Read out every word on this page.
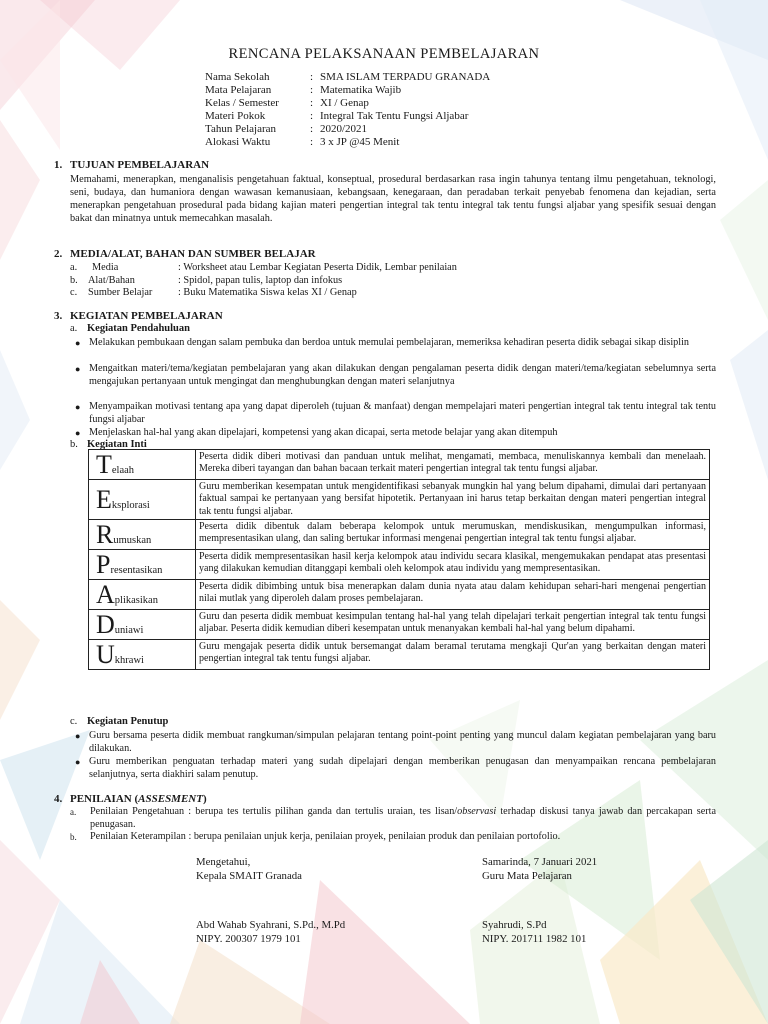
RENCANA PELAKSANAAN PEMBELAJARAN
Nama Sekolah	: SMA ISLAM TERPADU GRANADA
Mata Pelajaran	: Matematika Wajib
Kelas / Semester	: XI / Genap
Materi Pokok	: Integral Tak Tentu Fungsi Aljabar
Tahun Pelajaran	: 2020/2021
Alokasi Waktu	: 3 x JP @45 Menit
1. TUJUAN PEMBELAJARAN
Memahami, menerapkan, menganalisis pengetahuan faktual, konseptual, prosedural berdasarkan rasa ingin tahunya tentang ilmu pengetahuan, teknologi, seni, budaya, dan humaniora dengan wawasan kemanusiaan, kebangsaan, kenegaraan, dan peradaban terkait penyebab fenomena dan kejadian, serta menerapkan pengetahuan prosedural pada bidang kajian materi pengertian integral tak tentu integral tak tentu fungsi aljabar yang spesifik sesuai dengan bakat dan minatnya untuk memecahkan masalah.
2. MEDIA/ALAT, BAHAN DAN SUMBER BELAJAR
a.	Media	: Worksheet atau Lembar Kegiatan Peserta Didik, Lembar penilaian
b. Alat/Bahan	: Spidol, papan tulis, laptop dan infokus
c.	Sumber Belajar	: Buku Matematika Siswa kelas XI / Genap
3. KEGIATAN PEMBELAJARAN
a. Kegiatan Pendahuluan
● Melakukan pembukaan dengan salam pembuka dan berdoa untuk memulai pembelajaran, memeriksa kehadiran peserta didik sebagai sikap disiplin
● Mengaitkan materi/tema/kegiatan pembelajaran yang akan dilakukan dengan pengalaman peserta didik dengan materi/tema/kegiatan sebelumnya serta mengajukan pertanyaan untuk mengingat dan menghubungkan dengan materi selanjutnya
● Menyampaikan motivasi tentang apa yang dapat diperoleh (tujuan & manfaat) dengan mempelajari materi pengertian integral tak tentu integral tak tentu fungsi aljabar
● Menjelaskan hal-hal yang akan dipelajari, kompetensi yang akan dicapai, serta metode belajar yang akan ditempuh
b. Kegiatan Inti
Telaah	Peserta didik diberi motivasi dan panduan untuk melihat, mengamati, membaca, menuliskannya kembali dan menelaah. Mereka diberi tayangan dan bahan bacaan terkait materi pengertian integral tak tentu fungsi aljabar.
Eksplorasi	Guru memberikan kesempatan untuk mengidentifikasi sebanyak mungkin hal yang belum dipahami, dimulai dari pertanyaan faktual sampai ke pertanyaan yang bersifat hipotetik. Pertanyaan ini harus tetap berkaitan dengan materi pengertian integral tak tentu fungsi aljabar.
Rumuskan	Peserta didik dibentuk dalam beberapa kelompok untuk merumuskan, mendiskusikan, mengumpulkan informasi, mempresentasikan ulang, dan saling bertukar informasi mengenai pengertian integral tak tentu fungsi aljabar.
Presentasikan	Peserta didik mempresentasikan hasil kerja kelompok atau individu secara klasikal, mengemukakan pendapat atas presentasi yang dilakukan kemudian ditanggapi kembali oleh kelompok atau individu yang mempresentasikan.
Aplikasikan	Peserta didik dibimbing untuk bisa menerapkan dalam dunia nyata atau dalam kehidupan sehari-hari mengenai pengertian nilai mutlak yang diperoleh dalam proses pembelajaran.
Duniawi	Guru dan peserta didik membuat kesimpulan tentang hal-hal yang telah dipelajari terkait pengertian integral tak tentu fungsi aljabar. Peserta didik kemudian diberi kesempatan untuk menanyakan kembali hal-hal yang belum dipahami.
Ukhrawi	Guru mengajak peserta didik untuk bersemangat dalam beramal terutama mengkaji Qur'an yang berkaitan dengan materi pengertian integral tak tentu fungsi aljabar.
c. Kegiatan Penutup
● Guru bersama peserta didik membuat rangkuman/simpulan pelajaran tentang point-point penting yang muncul dalam kegiatan pembelajaran yang baru dilakukan.
● Guru memberikan penguatan terhadap materi yang sudah dipelajari dengan memberikan penugasan dan menyampaikan rencana pembelajaran selanjutnya, serta diakhiri salam penutup.
4. PENILAIAN (ASSESMENT)
a. Penilaian Pengetahuan : berupa tes tertulis pilihan ganda dan tertulis uraian, tes lisan/observasi terhadap diskusi tanya jawab dan percakapan serta penugasan.
b. Penilaian Keterampilan : berupa penilaian unjuk kerja, penilaian proyek, penilaian produk dan penilaian portofolio.
Mengetahui,
Kepala SMAIT Granada
Abd Wahab Syahrani, S.Pd., M.Pd
NIPY. 200307 1979 101
Samarinda, 7 Januari 2021
Guru Mata Pelajaran
Syahrudi, S.Pd
NIPY. 201711 1982 101
